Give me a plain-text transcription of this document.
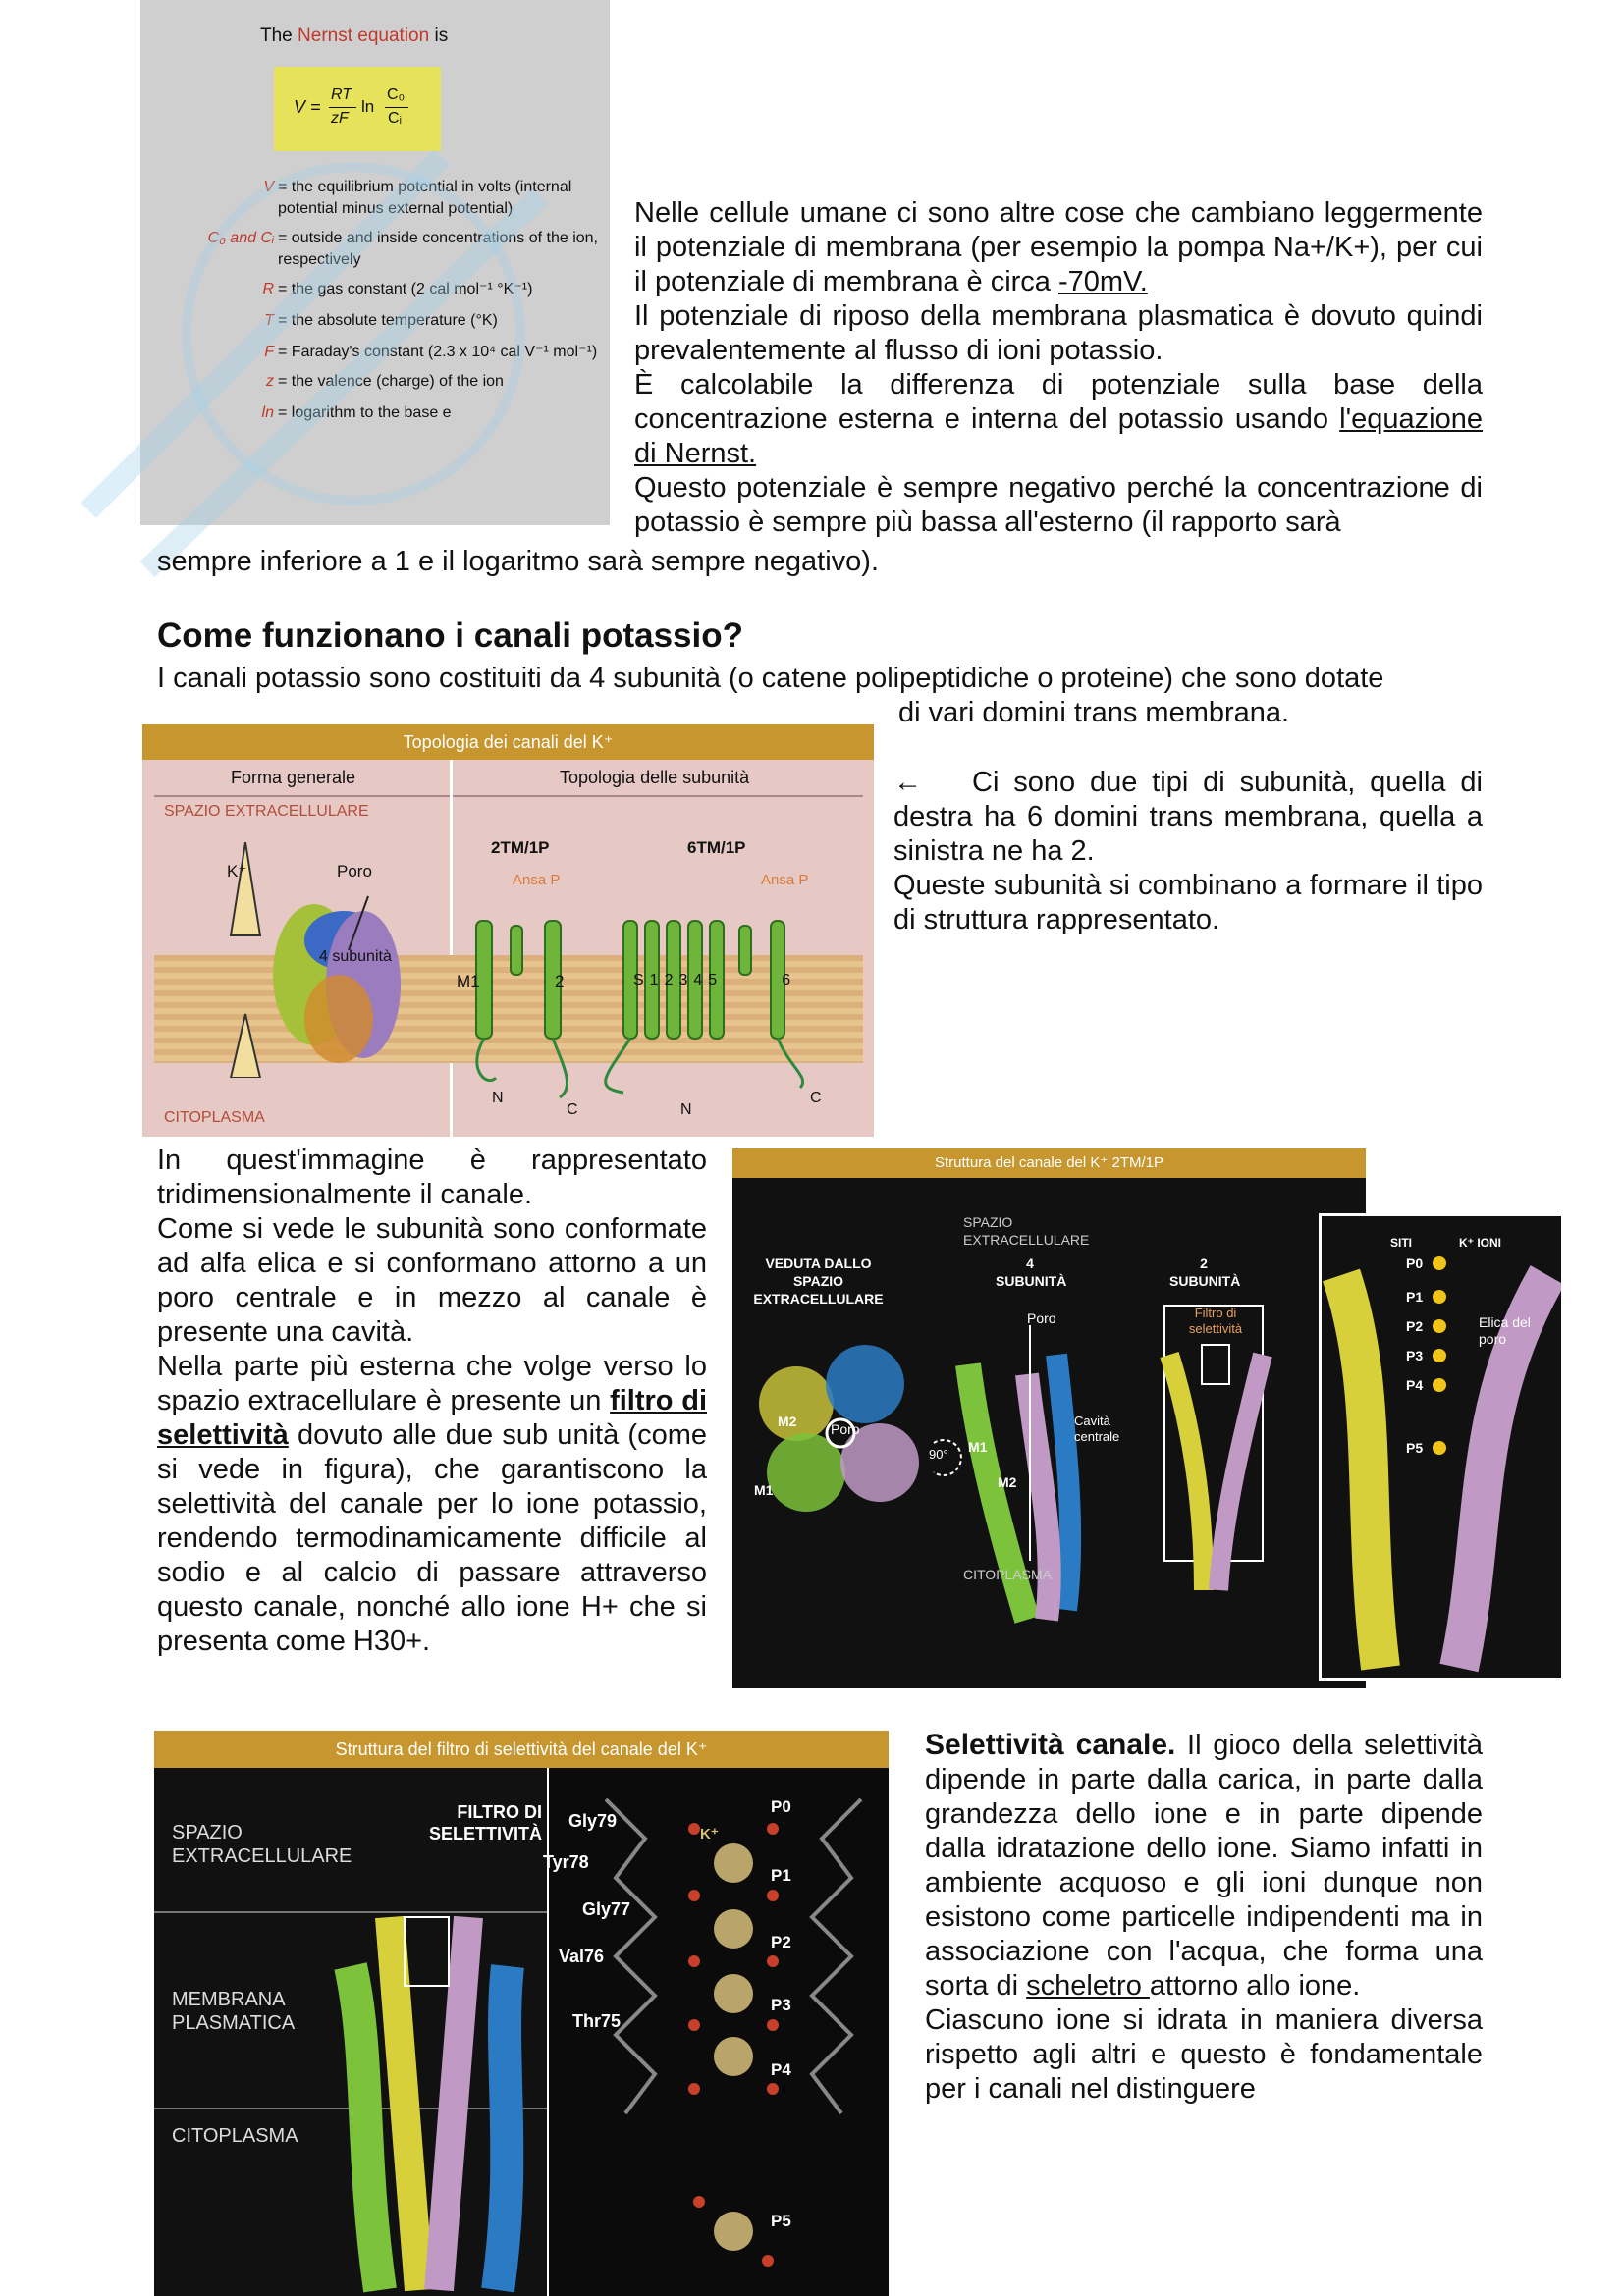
The Nernst equation is
V =
RT
zF
ln
C₀
Cᵢ
V = the equilibrium potential in volts (internal potential minus external potential)
C₀ and Cᵢ = outside and inside concentrations of the ion, respectively
R = the gas constant (2 cal mol⁻¹ °K⁻¹)
T = the absolute temperature (°K)
F = Faraday's constant (2.3 x 10⁴ cal V⁻¹ mol⁻¹)
z = the valence (charge) of the ion
ln = logarithm to the base e

Nelle cellule umane ci sono altre cose che cambiano leggermente il potenziale di membrana (per esempio la pompa Na+/K+), per cui il potenziale di membrana è circa -70mV.

Il potenziale di riposo della membrana plasmatica è dovuto quindi prevalentemente al flusso di ioni potassio.

È calcolabile la differenza di potenziale sulla base della concentrazione esterna e interna del potassio usando l'equazione di Nernst.

Questo potenziale è sempre negativo perché la concentrazione di potassio è sempre più bassa all'esterno (il rapporto sarà

sempre inferiore a 1 e il logaritmo sarà sempre negativo).
Come funzionano i canali potassio?
I canali potassio sono costituiti da 4 subunità (o catene polipeptidiche o proteine) che sono dotate
di vari domini trans membrana.
Topologia dei canali del K⁺
Forma generale	Topologia delle subunità
SPAZIO EXTRACELLULARE
CITOPLASMA
K⁺	Poro
4 subunità
2TM/1P	6TM/1P
Ansa P	Ansa P
M1	2
N
C	N
C
S 1 2 3 4 5	6

← Ci sono due tipi di subunità, quella di destra ha 6 domini trans membrana, quella a sinistra ne ha 2.

Queste subunità si combinano a formare il tipo di struttura rappresentato.

In quest'immagine è rappresentato tridimensionalmente il canale.

Come si vede le subunità sono conformate ad alfa elica e si conformano attorno a un poro centrale e in mezzo al canale è presente una cavità.

Nella parte più esterna che volge verso lo spazio extracellulare è presente un filtro di selettività dovuto alle due sub unità (come si vede in figura), che garantiscono la selettività del canale per lo ione potassio, rendendo termodinamicamente difficile al sodio e al calcio di passare attraverso questo canale, nonché allo ione H+ che si presenta come H30+.

Struttura del canale del K⁺ 2TM/1P
VEDUTA DALLO SPAZIO EXTRACELLULARE
SPAZIO EXTRACELLULARE
4 SUBUNITÀ
2 SUBUNITÀ
Poro
Poro	Filtro di selettività
Cavità centrale
CITOPLASMA
M2
M1
M1
M2
90°
SITI	K⁺ IONI
Elica del poro
P0
P1
P2
P3
P4
P5
Struttura del filtro di selettività del canale del K⁺
SPAZIO EXTRACELLULARE
MEMBRANA PLASMATICA
CITOPLASMA
FILTRO DI SELETTIVITÀ
Gly79
Tyr78
Gly77
Val76
Thr75
K⁺
P0
P1
P2
P3
P4
P5

Selettività canale. Il gioco della selettività dipende in parte dalla carica, in parte dalla grandezza dello ione e in parte dipende dalla idratazione dello ione. Siamo infatti in ambiente acquoso e gli ioni dunque non esistono come particelle indipendenti ma in associazione con l'acqua, che forma una sorta di scheletro attorno allo ione.

Ciascuno ione si idrata in maniera diversa rispetto agli altri e questo è fondamentale per i canali nel distinguere
